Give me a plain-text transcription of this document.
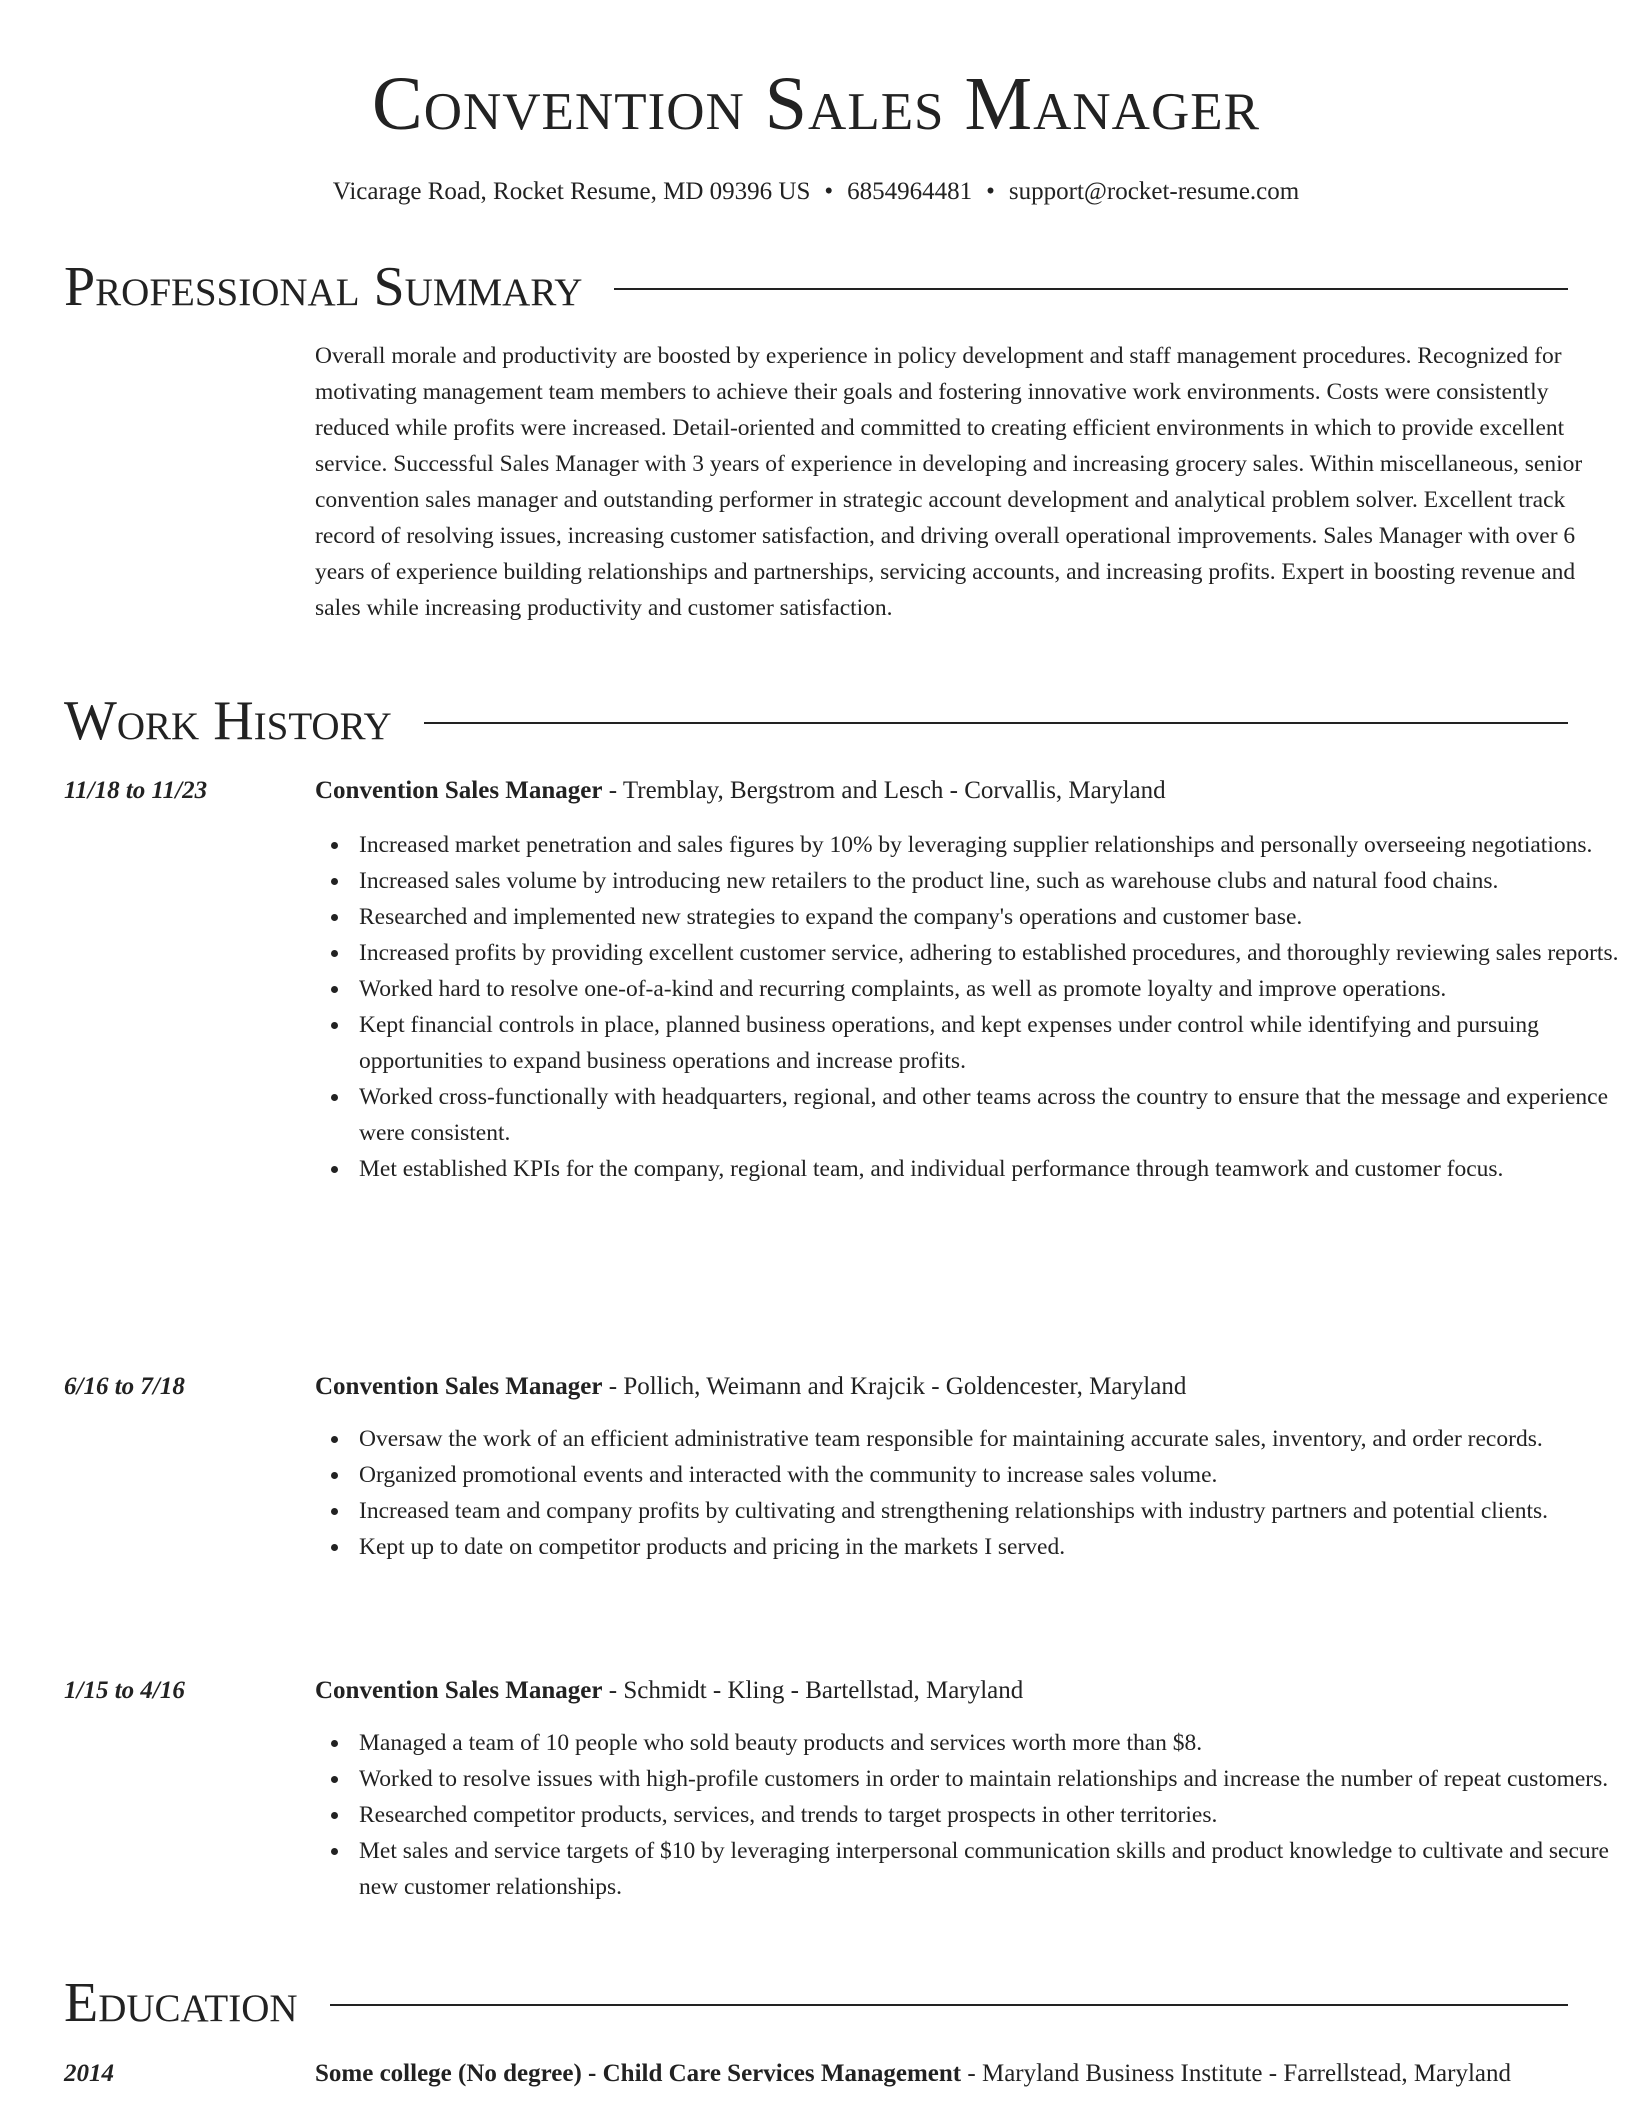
Convention Sales Manager
Vicarage Road, Rocket Resume, MD 09396 US • 6854964481 • support@rocket-resume.com
Professional Summary
Overall morale and productivity are boosted by experience in policy development and staff management procedures. Recognized for motivating management team members to achieve their goals and fostering innovative work environments. Costs were consistently reduced while profits were increased. Detail-oriented and committed to creating efficient environments in which to provide excellent service. Successful Sales Manager with 3 years of experience in developing and increasing grocery sales. Within miscellaneous, senior convention sales manager and outstanding performer in strategic account development and analytical problem solver. Excellent track record of resolving issues, increasing customer satisfaction, and driving overall operational improvements. Sales Manager with over 6 years of experience building relationships and partnerships, servicing accounts, and increasing profits. Expert in boosting revenue and sales while increasing productivity and customer satisfaction.
Work History
11/18 to 11/23	Convention Sales Manager - Tremblay, Bergstrom and Lesch - Corvallis, Maryland
Increased market penetration and sales figures by 10% by leveraging supplier relationships and personally overseeing negotiations.
Increased sales volume by introducing new retailers to the product line, such as warehouse clubs and natural food chains.
Researched and implemented new strategies to expand the company's operations and customer base.
Increased profits by providing excellent customer service, adhering to established procedures, and thoroughly reviewing sales reports.
Worked hard to resolve one-of-a-kind and recurring complaints, as well as promote loyalty and improve operations.
Kept financial controls in place, planned business operations, and kept expenses under control while identifying and pursuing opportunities to expand business operations and increase profits.
Worked cross-functionally with headquarters, regional, and other teams across the country to ensure that the message and experience were consistent.
Met established KPIs for the company, regional team, and individual performance through teamwork and customer focus.
6/16 to 7/18	Convention Sales Manager - Pollich, Weimann and Krajcik - Goldencester, Maryland
Oversaw the work of an efficient administrative team responsible for maintaining accurate sales, inventory, and order records.
Organized promotional events and interacted with the community to increase sales volume.
Increased team and company profits by cultivating and strengthening relationships with industry partners and potential clients.
Kept up to date on competitor products and pricing in the markets I served.
1/15 to 4/16	Convention Sales Manager - Schmidt - Kling - Bartellstad, Maryland
Managed a team of 10 people who sold beauty products and services worth more than $8.
Worked to resolve issues with high-profile customers in order to maintain relationships and increase the number of repeat customers.
Researched competitor products, services, and trends to target prospects in other territories.
Met sales and service targets of $10 by leveraging interpersonal communication skills and product knowledge to cultivate and secure new customer relationships.
Education
2014	Some college (No degree) - Child Care Services Management - Maryland Business Institute - Farrellstead, Maryland
